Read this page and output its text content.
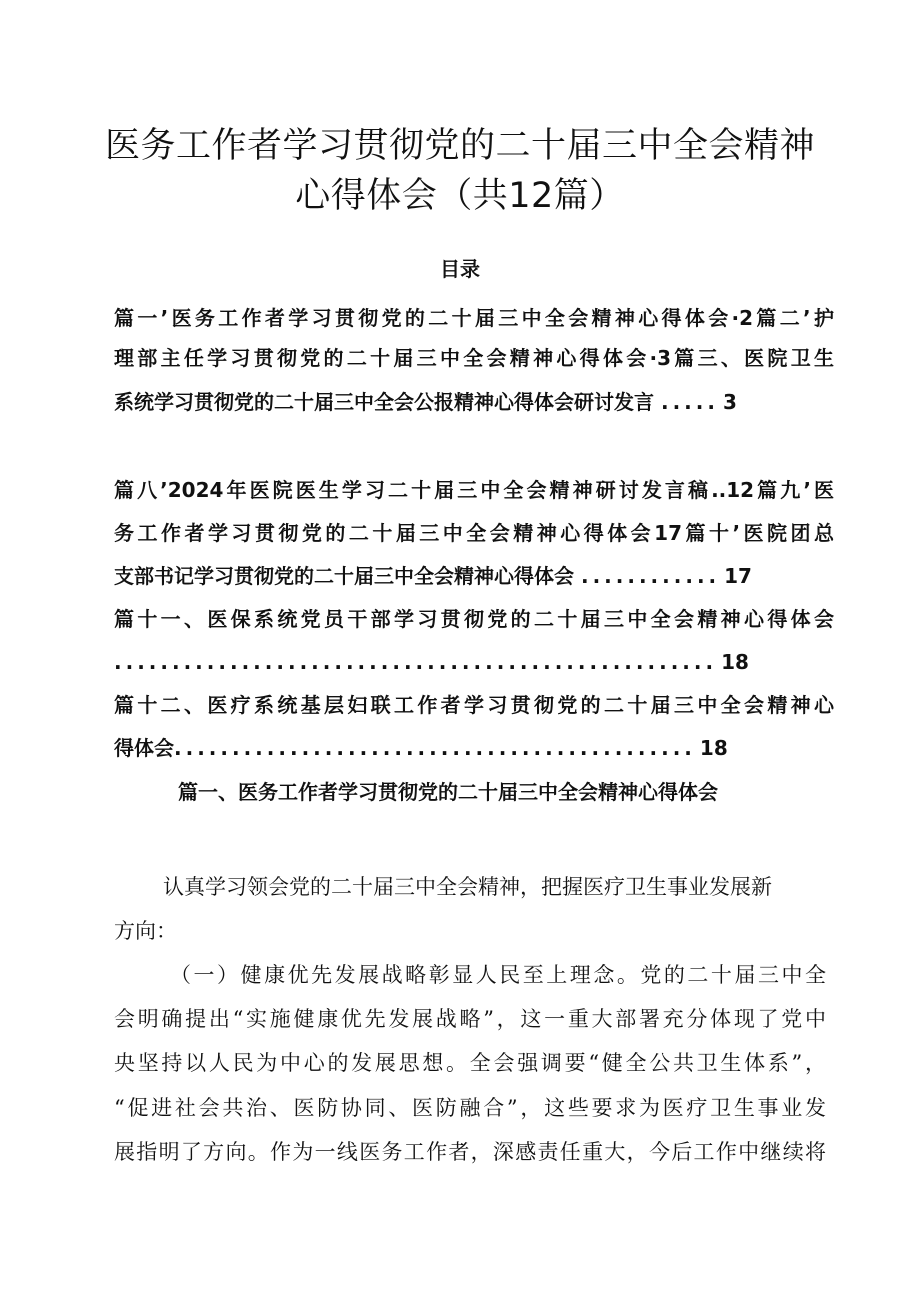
医务工作者学习贯彻党的二十届三中全会精神
心得体会（共12篇）
目录
篇一’医务工作者学习贯彻党的二十届三中全会精神心得体会·2篇二’护
理部主任学习贯彻党的二十届三中全会精神心得体会·3篇三、医院卫生
系统学习贯彻党的二十届三中全会公报精神心得体会研讨发言 ..... 3
篇八’2024年医院医生学习二十届三中全会精神研讨发言稿..12篇九’医
务工作者学习贯彻党的二十届三中全会精神心得体会17篇十’医院团总
支部书记学习贯彻党的二十届三中全会精神心得体会 ............ 17
篇十一、医保系统党员干部学习贯彻党的二十届三中全会精神心得体会
.................................................... 18
篇十二、医疗系统基层妇联工作者学习贯彻党的二十届三中全会精神心
得体会............................................. 18
篇一、医务工作者学习贯彻党的二十届三中全会精神心得体会
认真学习领会党的二十届三中全会精神，把握医疗卫生事业发展新
方向：
（一）健康优先发展战略彰显人民至上理念。党的二十届三中全
会明确提出“实施健康优先发展战略”，这一重大部署充分体现了党中
央坚持以人民为中心的发展思想。全会强调要“健全公共卫生体系”，
“促进社会共治、医防协同、医防融合”，这些要求为医疗卫生事业发
展指明了方向。作为一线医务工作者，深感责任重大，今后工作中继续将
